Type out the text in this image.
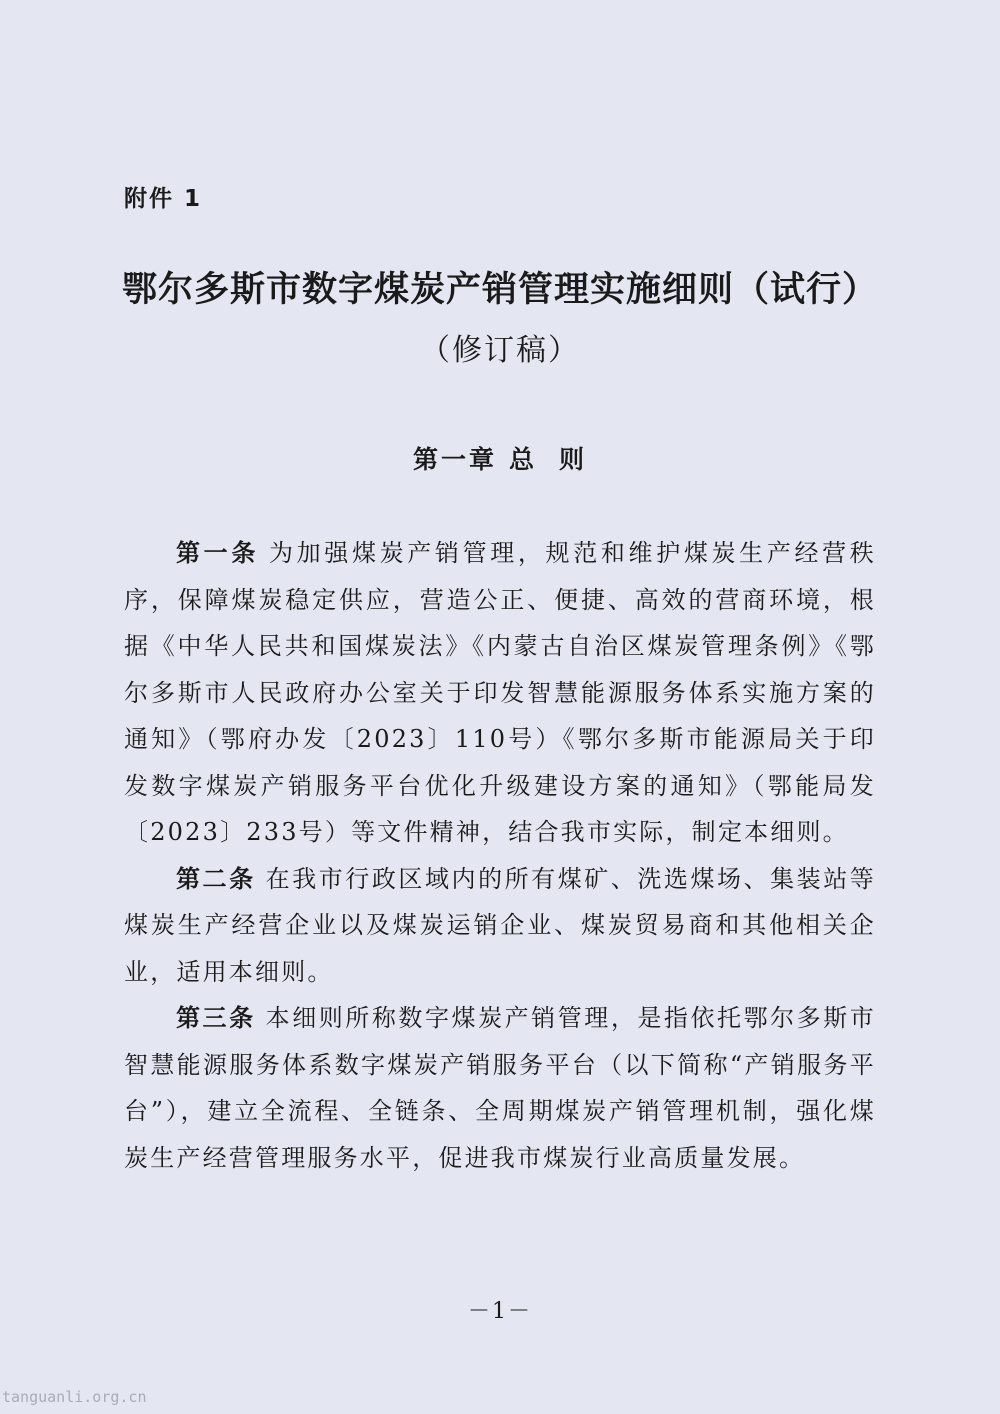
附件 1
鄂尔多斯市数字煤炭产销管理实施细则（试行）
（修订稿）
第一章 总 则

第一条 为加强煤炭产销管理，规范和维护煤炭生产经营秩序，保障煤炭稳定供应，营造公正、便捷、高效的营商环境，根据《中华人民共和国煤炭法》《内蒙古自治区煤炭管理条例》《鄂尔多斯市人民政府办公室关于印发智慧能源服务体系实施方案的通知》（鄂府办发〔2023〕110号）《鄂尔多斯市能源局关于印发数字煤炭产销服务平台优化升级建设方案的通知》（鄂能局发〔2023〕233号）等文件精神，结合我市实际，制定本细则。

第二条 在我市行政区域内的所有煤矿、洗选煤场、集装站等煤炭生产经营企业以及煤炭运销企业、煤炭贸易商和其他相关企业，适用本细则。

第三条 本细则所称数字煤炭产销管理，是指依托鄂尔多斯市智慧能源服务体系数字煤炭产销服务平台（以下简称“产销服务平台”），建立全流程、全链条、全周期煤炭产销管理机制，强化煤炭生产经营管理服务水平，促进我市煤炭行业高质量发展。

－1－
tanguanli.org.cn
